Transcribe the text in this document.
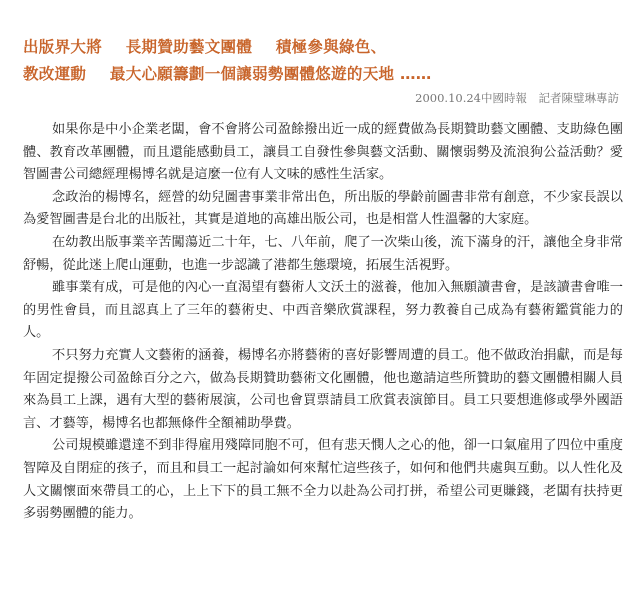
出版界大將 長期贊助藝文團體 積極參與綠色、
教改運動 最大心願籌劃一個讓弱勢團體悠遊的天地 ……
2000.10.24中國時報　記者陳璧琳專訪

如果你是中小企業老闆，會不會將公司盈餘撥出近一成的經費做為長期贊助藝文團體、支助綠色團體、教育改革團體，而且還能感動員工，讓員工自發性參與藝文活動、關懷弱勢及流浪狗公益活動？愛智圖書公司總經理楊博名就是這麼一位有人文味的感性生活家。

念政治的楊博名，經營的幼兒圖書事業非常出色，所出版的學齡前圖書非常有創意，不少家長誤以為愛智圖書是台北的出版社，其實是道地的高雄出版公司，也是相當人性溫馨的大家庭。

在幼教出版事業辛苦闖蕩近二十年，七、八年前，爬了一次柴山後，流下滿身的汗，讓他全身非常舒暢，從此迷上爬山運動，也進一步認識了港都生態環境，拓展生活視野。

雖事業有成，可是他的內心一直渴望有藝術人文沃土的滋養，他加入無願讀書會，是該讀書會唯一的男性會員，而且認真上了三年的藝術史、中西音樂欣賞課程，努力教養自己成為有藝術鑑賞能力的人。

不只努力充實人文藝術的涵養，楊博名亦將藝術的喜好影響周遭的員工。他不做政治捐獻，而是每年固定提撥公司盈餘百分之六，做為長期贊助藝術文化團體，他也邀請這些所贊助的藝文團體相關人員來為員工上課，遇有大型的藝術展演，公司也會買票請員工欣賞表演節目。員工只要想進修或學外國語言、才藝等，楊博名也都無條件全額補助學費。

公司規模雖還達不到非得雇用殘障同胞不可，但有悲天憫人之心的他，卻一口氣雇用了四位中重度智障及自閉症的孩子，而且和員工一起討論如何來幫忙這些孩子，如何和他們共處與互動。以人性化及人文關懷面來帶員工的心，上上下下的員工無不全力以赴為公司打拼，希望公司更賺錢，老闆有扶持更多弱勢團體的能力。
